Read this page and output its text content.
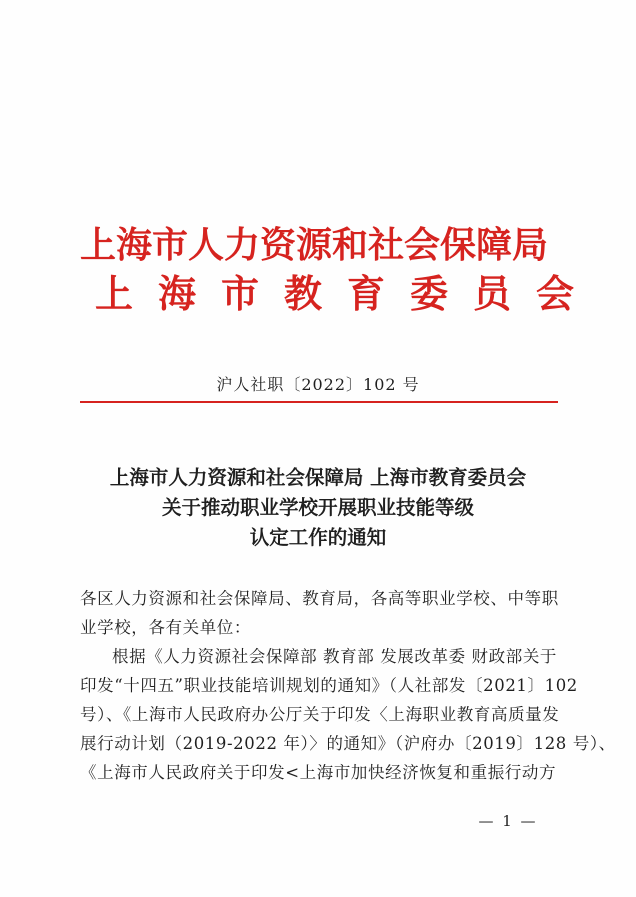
上海市人力资源和社会保障局
上海市教育委员会
沪人社职〔2022〕102 号
上海市人力资源和社会保障局 上海市教育委员会
关于推动职业学校开展职业技能等级
认定工作的通知
各区人力资源和社会保障局、教育局，各高等职业学校、中等职
业学校，各有关单位：
根据《人力资源社会保障部 教育部 发展改革委 财政部关于
印发“十四五”职业技能培训规划的通知》（人社部发〔2021〕102
号）、《上海市人民政府办公厅关于印发〈上海职业教育高质量发
展行动计划（2019-2022 年）〉的通知》（沪府办〔2019〕128 号）、
《上海市人民政府关于印发<上海市加快经济恢复和重振行动方
— 1 —
